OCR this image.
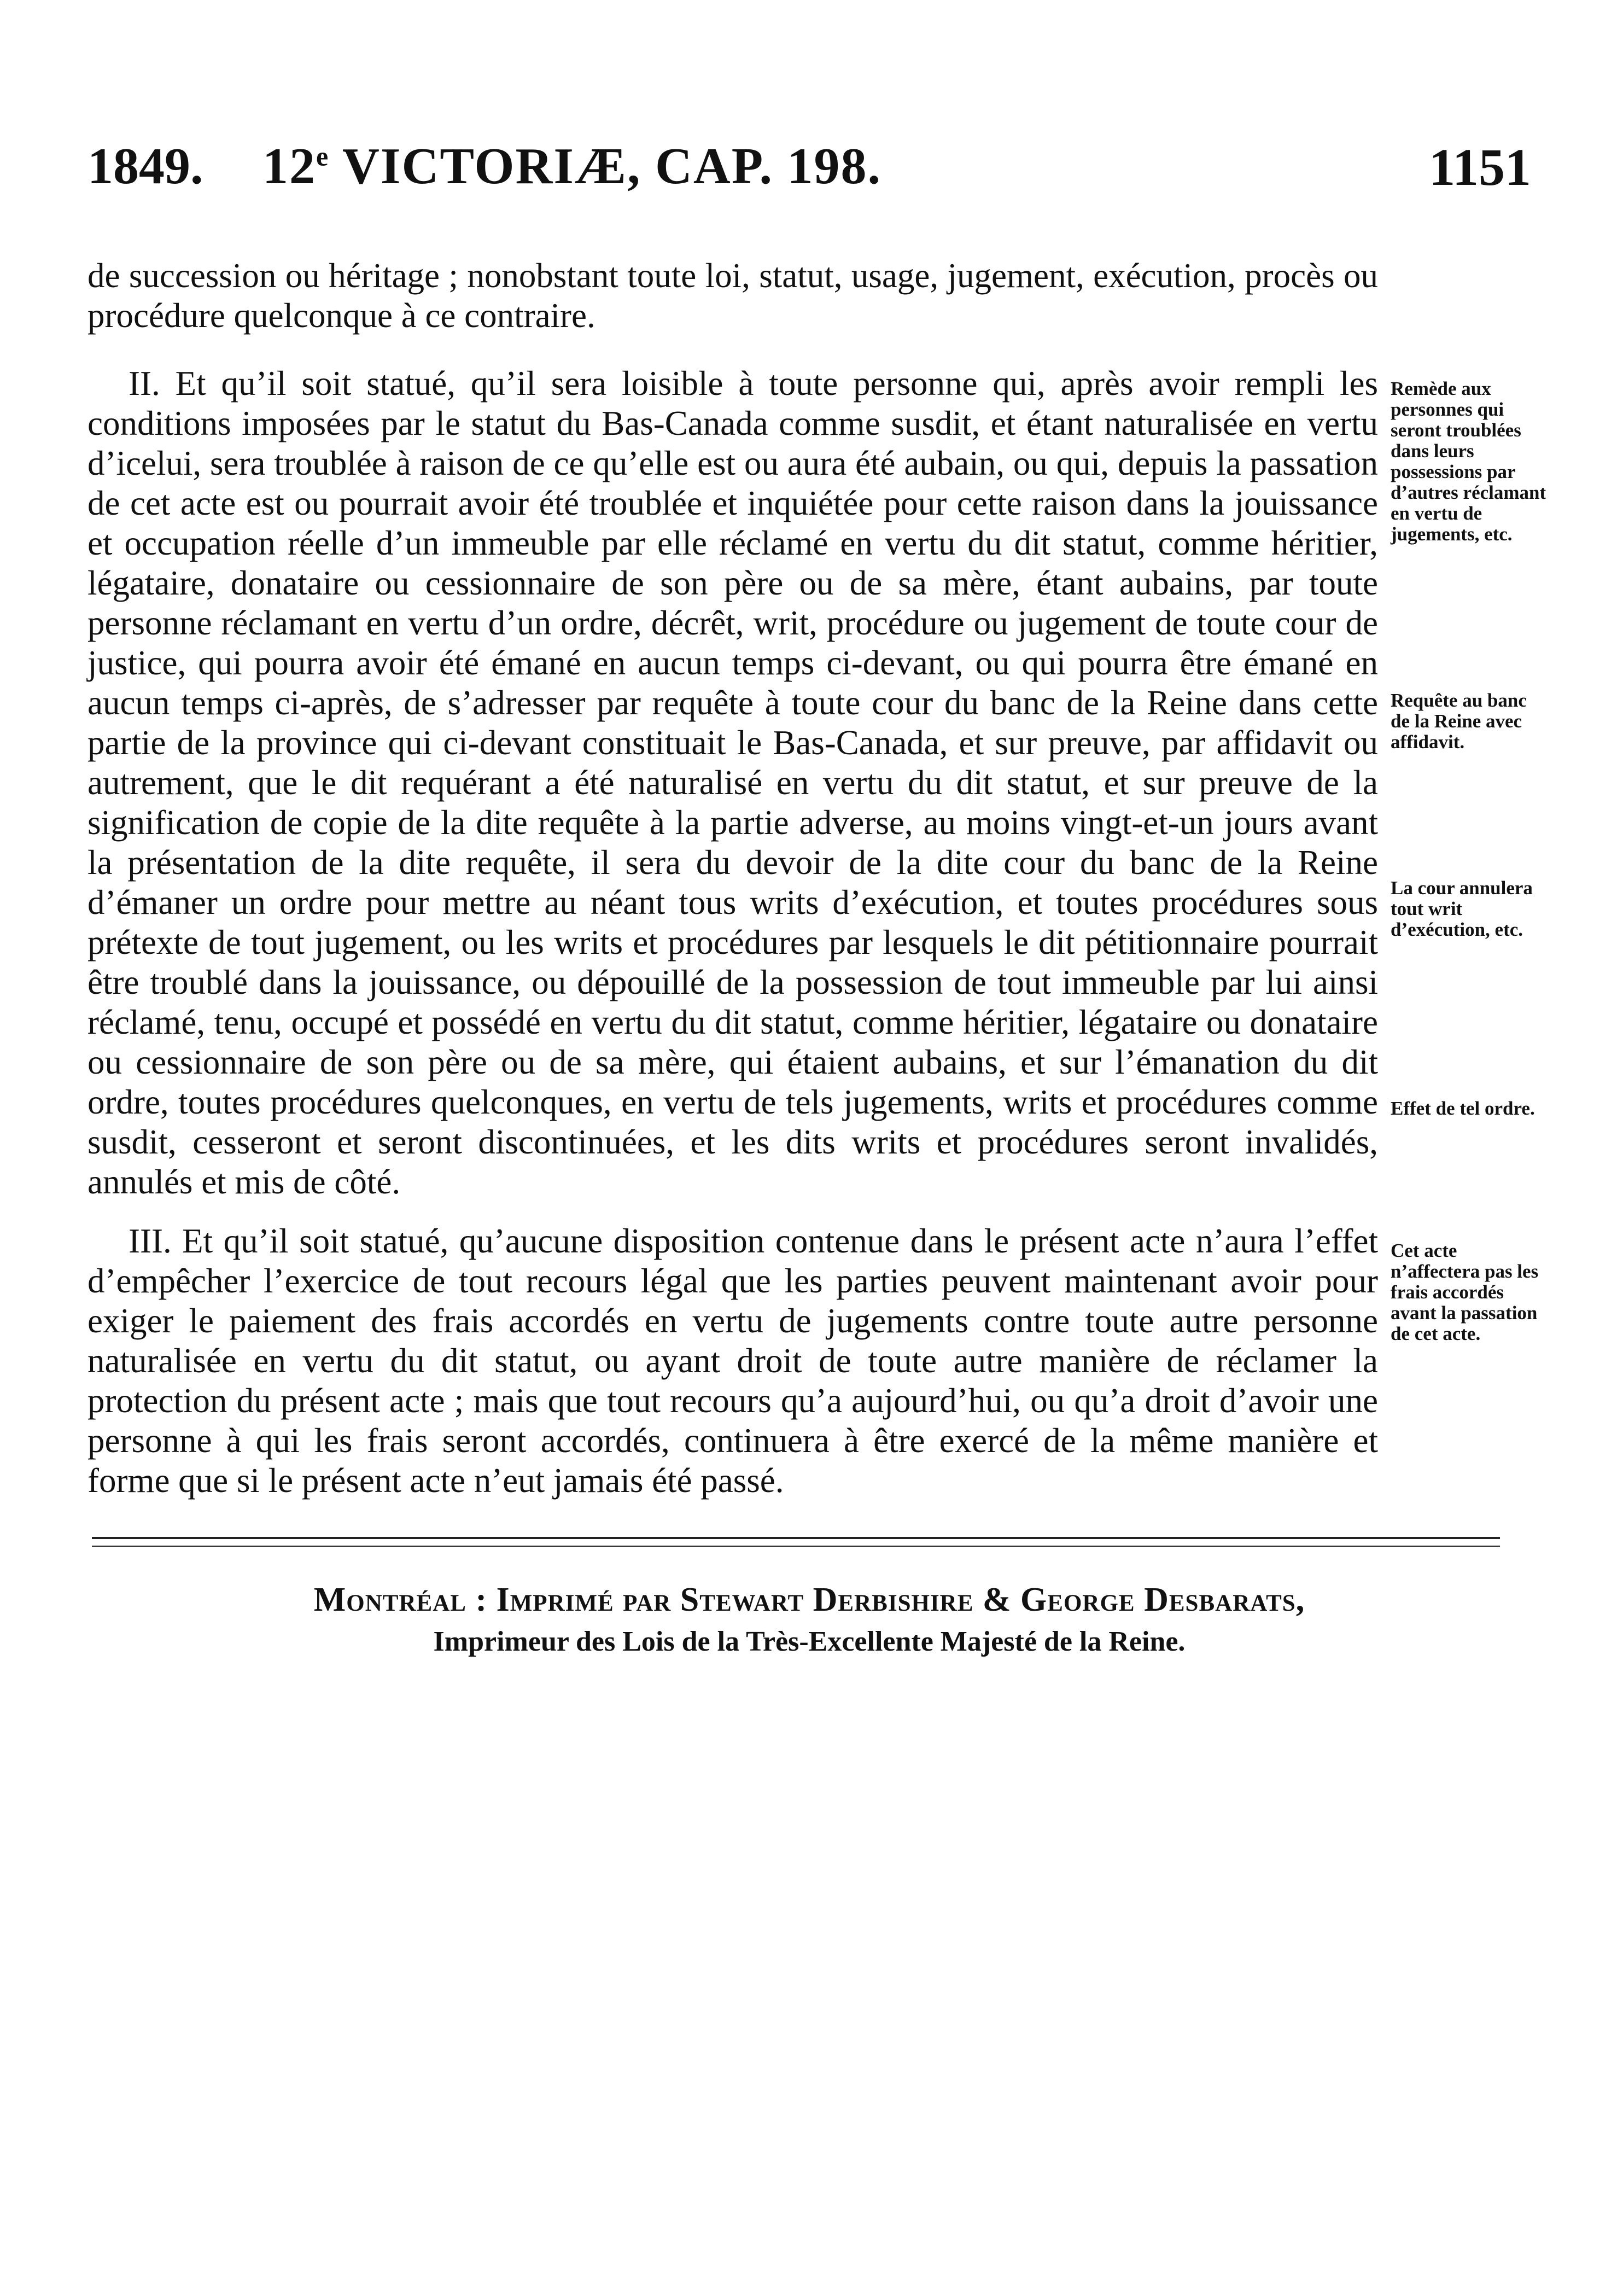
1849. 12e VICTORIÆ, CAP. 198.	1151
de succession ou héritage ; nonobstant toute loi, statut, usage, jugement, exécution, procès ou procédure quelconque à ce contraire.
II. Et qu’il soit statué, qu’il sera loisible à toute personne qui, après avoir rempli les conditions imposées par le statut du Bas-Canada comme susdit, et étant naturalisée en vertu d’icelui, sera troublée à raison de ce qu’elle est ou aura été aubain, ou qui, depuis la passation de cet acte est ou pourrait avoir été troublée et inquiétée pour cette raison dans la jouissance et occupation réelle d’un immeuble par elle réclamé en vertu du dit statut, comme héritier, légataire, donataire ou cessionnaire de son père ou de sa mère, étant aubains, par toute personne réclamant en vertu d’un ordre, décrêt, writ, procédure ou jugement de toute cour de justice, qui pourra avoir été émané en aucun temps ci-devant, ou qui pourra être émané en aucun temps ci-après, de s’adresser par requête à toute cour du banc de la Reine dans cette partie de la province qui ci-devant constituait le Bas-Canada, et sur preuve, par affidavit ou autrement, que le dit requérant a été naturalisé en vertu du dit statut, et sur preuve de la signification de copie de la dite requête à la partie adverse, au moins vingt-et-un jours avant la présentation de la dite requête, il sera du devoir de la dite cour du banc de la Reine d’émaner un ordre pour mettre au néant tous writs d’exécution, et toutes procédures sous prétexte de tout jugement, ou les writs et procédures par lesquels le dit pétitionnaire pourrait être troublé dans la jouissance, ou dépouillé de la possession de tout immeuble par lui ainsi réclamé, tenu, occupé et possédé en vertu du dit statut, comme héritier, légataire ou donataire ou cessionnaire de son père ou de sa mère, qui étaient aubains, et sur l’émanation du dit ordre, toutes procédures quelconques, en vertu de tels jugements, writs et procédures comme susdit, cesseront et seront discontinuées, et les dits writs et procédures seront invalidés, annulés et mis de côté.
III. Et qu’il soit statué, qu’aucune disposition contenue dans le présent acte n’aura l’effet d’empêcher l’exercice de tout recours légal que les parties peuvent maintenant avoir pour exiger le paiement des frais accordés en vertu de jugements contre toute autre personne naturalisée en vertu du dit statut, ou ayant droit de toute autre manière de réclamer la protection du présent acte ; mais que tout recours qu’a aujourd’hui, ou qu’a droit d’avoir une personne à qui les frais seront accordés, continuera à être exercé de la même manière et forme que si le présent acte n’eut jamais été passé.
Remède aux personnes qui seront troublées dans leurs possessions par d’autres réclamant en vertu de jugements, etc.
Requête au banc de la Reine avec affidavit.
La cour annulera tout writ d’exécution, etc.
Effet de tel ordre.
Cet acte n’affectera pas les frais accordés avant la passation de cet acte.
Montréal : Imprimé par Stewart Derbishire & George Desbarats,
Imprimeur des Lois de la Très-Excellente Majesté de la Reine.
